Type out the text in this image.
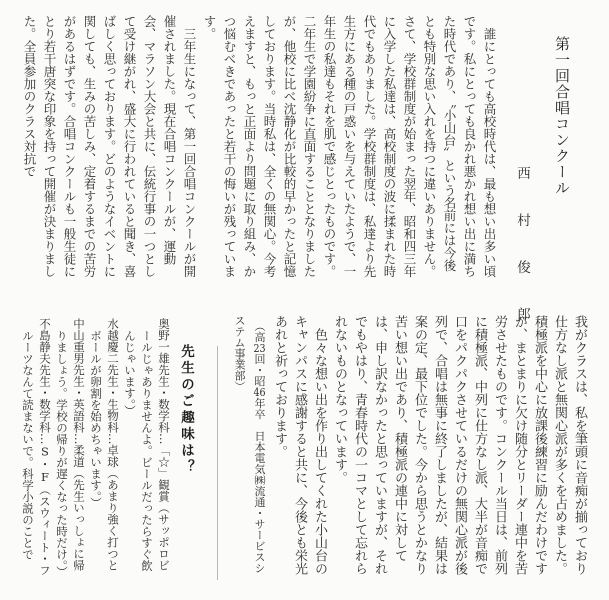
第一回合唱コンクール
西　村　俊　郎

　誰にとっても高校時代は、最も想い出多い頃です。私にとっても良かれ悪かれ想い出に満ちた時代であり、〝小山台〟という名前には今後とも特別な思い入れを持つに違いありません。さて、学校群制度が始まった翌年、昭和四三年に入学した私達は、高校制度の波に揉まれた時代でもありました。学校群制度は、私達より先生方にある種の戸惑いを与えていたようで、一年生の私達もそれを肌で感じとったものです。二年生で学園紛争に直面することとなりましたが、他校に比べ沈静化が比較的早かったと記憶しております。当時私は、全くの無関心。今考えますと、もっと正面より問題に取り組み、かつ悩むべきであったと若干の悔いが残っています。

　三年生になって、第一回合唱コンクールが開催されました。現在合唱コンクールが、運動会、マラソン大会と共に、伝統行事の一つとして受け継がれ、盛大に行われていると聞き、喜ばしく思っております。どのようなイベントに関しても、生みの苦しみ、定着するまでの苦労があるはずです。合唱コンクールも一般生徒にとり若干唐突な印象を持って開催が決まりました。全員参加のクラス対抗で

我がクラスは、私を筆頭に音痴が揃っており仕方なし派と無関心派が多くを占めました。積極派を中心に放課後練習に励んだわけですが、まとまりに欠け随分とリーダー連中を苦労させたものです。コンクール当日は、前列に積極派、中列に仕方なし派、大半が音痴で口をパクパクさせているだけの無関心派が後列で、合唱は無事に終了しましたが、結果は案の定、最下位でした。今から思うとかなり苦い想い出であり、積極派の連中に対しては、申し訳なかったと思っていますが、それでもやはり、青春時代の一コマとして忘れられないものとなっています。

　色々な想い出を作り出してくれた小山台のキャンパスに感謝すると共に、今後とも栄光あれと祈っております。

　（高23回・昭46年卒　日本電気㈱流通・サービスシステム事業部）

先生のご趣味は？

奥野一雄先生・数学科…「☆」観賞（サッポロビールじゃありませんよ。ビールだったらすぐ飲んじゃいます。）

水越慶二先生・生物科…卓球（あまり強く打つとボールが卵割を始めちゃいます。）

中山重男先生・英語科…柔道（先生いっしょに帰りましょう。学校の帰りが遅くなった時だけ。）

不島静夫先生・数学科…S・F（スウィート・フルーツなんて読まないで。科学小説のことで
